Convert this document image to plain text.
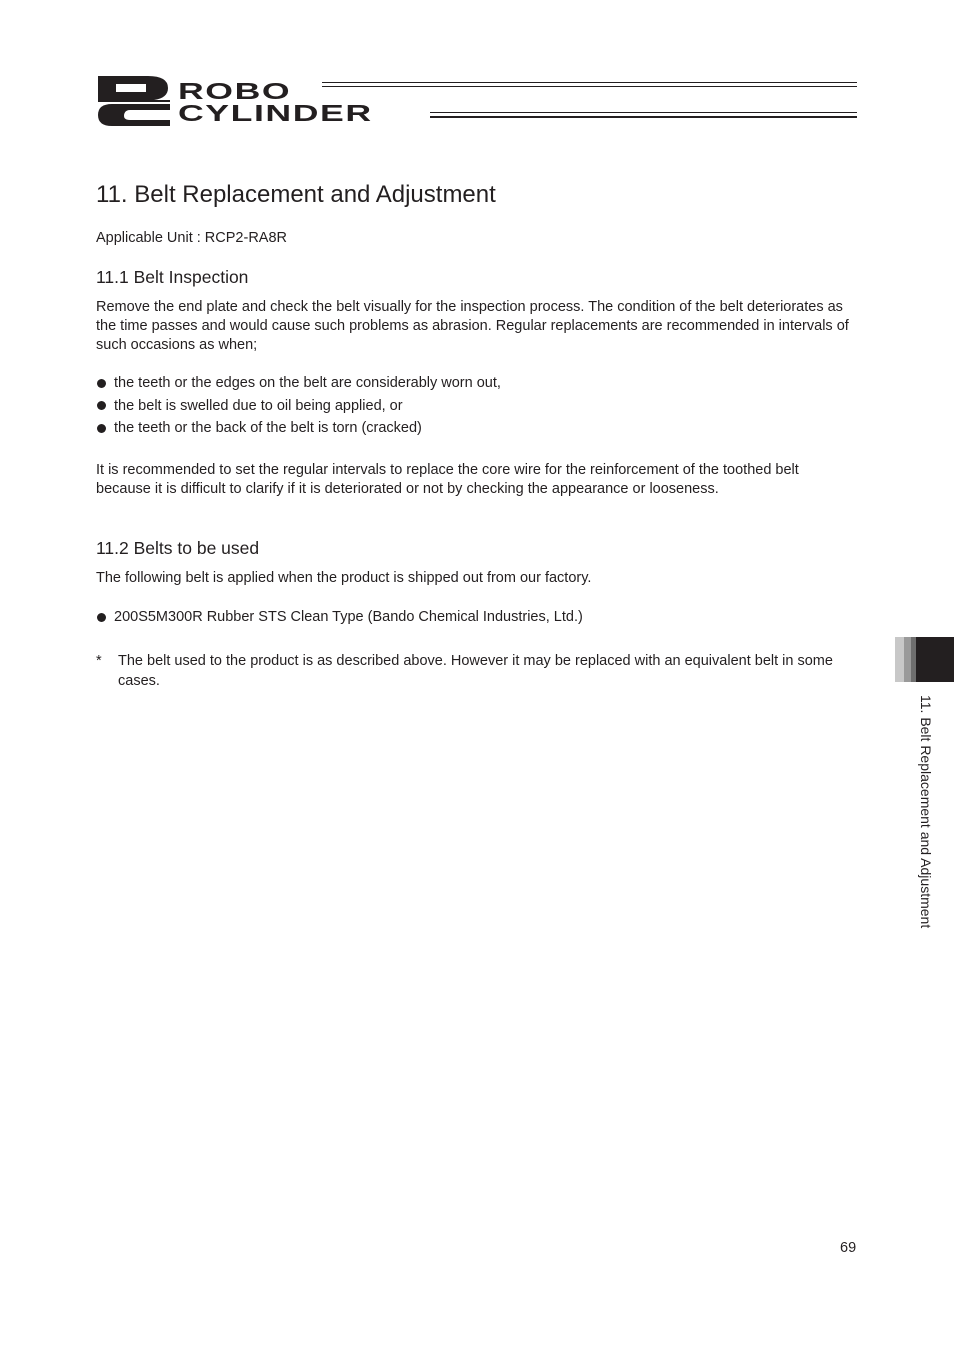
ROBO
CYLINDER
11. Belt Replacement and Adjustment

Applicable Unit : RCP2-RA8R

11.1 Belt Inspection

Remove the end plate and check the belt visually for the inspection process. The condition of the belt deteriorates as the time passes and would cause such problems as abrasion. Regular replacements are recommended in intervals of such occasions as when;

the teeth or the edges on the belt are considerably worn out,
the belt is swelled due to oil being applied, or
the teeth or the back of the belt is torn (cracked)

It is recommended to set the regular intervals to replace the core wire for the reinforcement of the toothed belt because it is difficult to clarify if it is deteriorated or not by checking the appearance or looseness.

11.2 Belts to be used

The following belt is applied when the product is shipped out from our factory.

200S5M300R Rubber STS Clean Type (Bando Chemical Industries, Ltd.)
*	The belt used to the product is as described above. However it may be replaced with an equivalent belt in some cases.
11. Belt Replacement and Adjustment
69
